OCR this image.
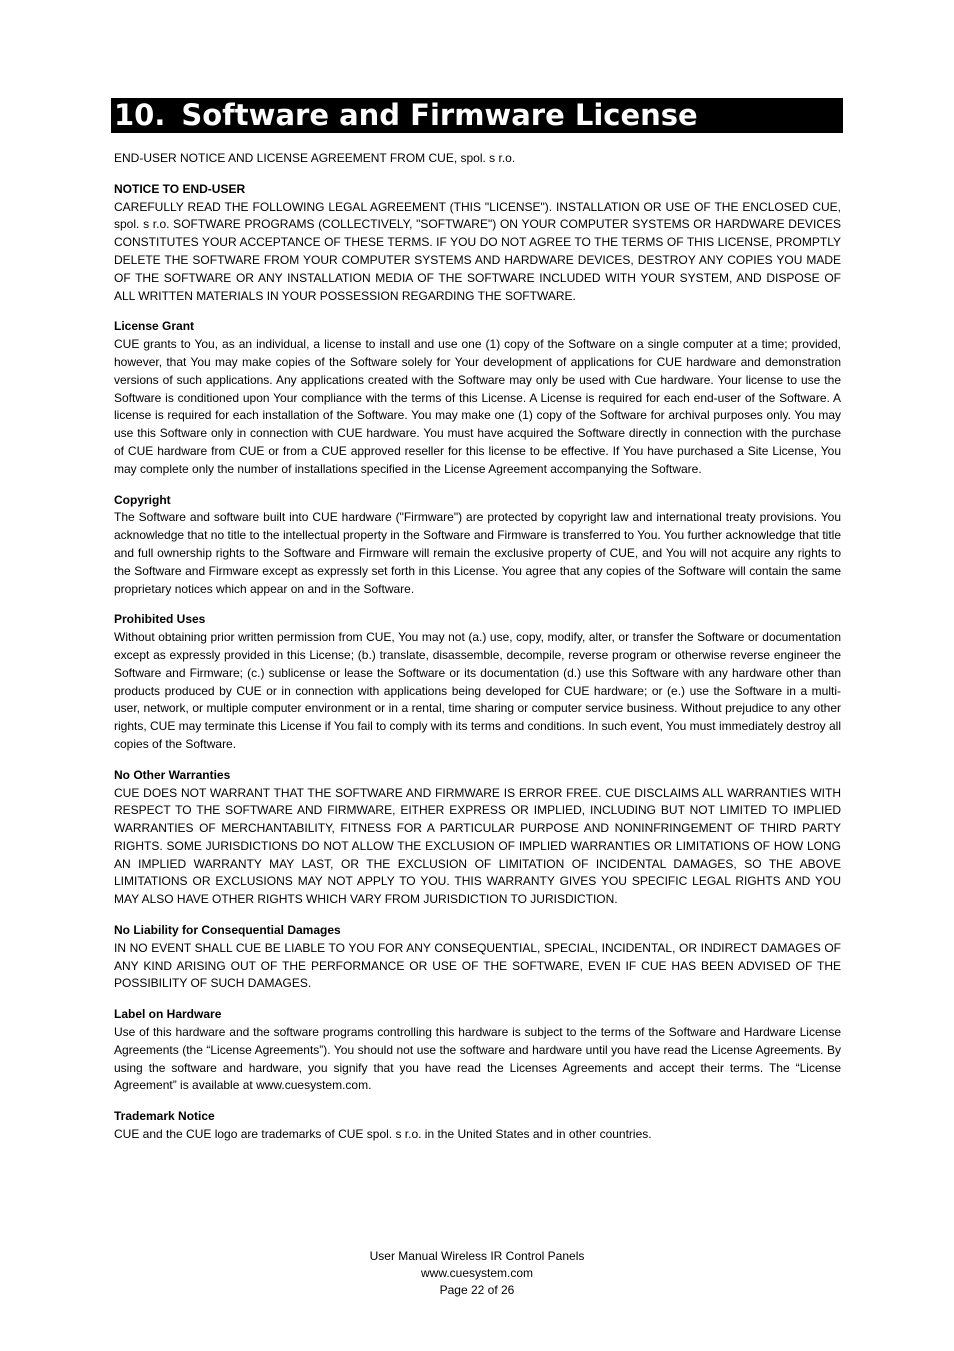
10. Software and Firmware License

END-USER NOTICE AND LICENSE AGREEMENT FROM CUE, spol. s r.o.

NOTICE TO END-USER

CAREFULLY READ THE FOLLOWING LEGAL AGREEMENT (THIS "LICENSE"). INSTALLATION OR USE OF THE ENCLOSED CUE, spol. s r.o. SOFTWARE PROGRAMS (COLLECTIVELY, "SOFTWARE") ON YOUR COMPUTER SYSTEMS OR HARDWARE DEVICES CONSTITUTES YOUR ACCEPTANCE OF THESE TERMS. IF YOU DO NOT AGREE TO THE TERMS OF THIS LICENSE, PROMPTLY DELETE THE SOFTWARE FROM YOUR COMPUTER SYSTEMS AND HARDWARE DEVICES, DESTROY ANY COPIES YOU MADE OF THE SOFTWARE OR ANY INSTALLATION MEDIA OF THE SOFTWARE INCLUDED WITH YOUR SYSTEM, AND DISPOSE OF ALL WRITTEN MATERIALS IN YOUR POSSESSION REGARDING THE SOFTWARE.

License Grant

CUE grants to You, as an individual, a license to install and use one (1) copy of the Software on a single computer at a time; provided, however, that You may make copies of the Software solely for Your development of applications for CUE hardware and demonstration versions of such applications. Any applications created with the Software may only be used with Cue hardware. Your license to use the Software is conditioned upon Your compliance with the terms of this License. A License is required for each end-user of the Software. A license is required for each installation of the Software. You may make one (1) copy of the Software for archival purposes only. You may use this Software only in connection with CUE hardware. You must have acquired the Software directly in connection with the purchase of CUE hardware from CUE or from a CUE approved reseller for this license to be effective. If You have purchased a Site License, You may complete only the number of installations specified in the License Agreement accompanying the Software.

Copyright

The Software and software built into CUE hardware ("Firmware") are protected by copyright law and international treaty provisions. You acknowledge that no title to the intellectual property in the Software and Firmware is transferred to You. You further acknowledge that title and full ownership rights to the Software and Firmware will remain the exclusive property of CUE, and You will not acquire any rights to the Software and Firmware except as expressly set forth in this License. You agree that any copies of the Software will contain the same proprietary notices which appear on and in the Software.

Prohibited Uses

Without obtaining prior written permission from CUE, You may not (a.) use, copy, modify, alter, or transfer the Software or documentation except as expressly provided in this License; (b.) translate, disassemble, decompile, reverse program or otherwise reverse engineer the Software and Firmware; (c.) sublicense or lease the Software or its documentation (d.) use this Software with any hardware other than products produced by CUE or in connection with applications being developed for CUE hardware; or (e.) use the Software in a multi-user, network, or multiple computer environment or in a rental, time sharing or computer service business. Without prejudice to any other rights, CUE may terminate this License if You fail to comply with its terms and conditions. In such event, You must immediately destroy all copies of the Software.

No Other Warranties

CUE DOES NOT WARRANT THAT THE SOFTWARE AND FIRMWARE IS ERROR FREE. CUE DISCLAIMS ALL WARRANTIES WITH RESPECT TO THE SOFTWARE AND FIRMWARE, EITHER EXPRESS OR IMPLIED, INCLUDING BUT NOT LIMITED TO IMPLIED WARRANTIES OF MERCHANTABILITY, FITNESS FOR A PARTICULAR PURPOSE AND NONINFRINGEMENT OF THIRD PARTY RIGHTS. SOME JURISDICTIONS DO NOT ALLOW THE EXCLUSION OF IMPLIED WARRANTIES OR LIMITATIONS OF HOW LONG AN IMPLIED WARRANTY MAY LAST, OR THE EXCLUSION OF LIMITATION OF INCIDENTAL DAMAGES, SO THE ABOVE LIMITATIONS OR EXCLUSIONS MAY NOT APPLY TO YOU. THIS WARRANTY GIVES YOU SPECIFIC LEGAL RIGHTS AND YOU MAY ALSO HAVE OTHER RIGHTS WHICH VARY FROM JURISDICTION TO JURISDICTION.

No Liability for Consequential Damages

IN NO EVENT SHALL CUE BE LIABLE TO YOU FOR ANY CONSEQUENTIAL, SPECIAL, INCIDENTAL, OR INDIRECT DAMAGES OF ANY KIND ARISING OUT OF THE PERFORMANCE OR USE OF THE SOFTWARE, EVEN IF CUE HAS BEEN ADVISED OF THE POSSIBILITY OF SUCH DAMAGES.

Label on Hardware

Use of this hardware and the software programs controlling this hardware is subject to the terms of the Software and Hardware License Agreements (the “License Agreements”). You should not use the software and hardware until you have read the License Agreements. By using the software and hardware, you signify that you have read the Licenses Agreements and accept their terms. The “License Agreement” is available at www.cuesystem.com.

Trademark Notice

CUE and the CUE logo are trademarks of CUE spol. s r.o. in the United States and in other countries.

User Manual Wireless IR Control Panels
www.cuesystem.com
Page 22 of 26
